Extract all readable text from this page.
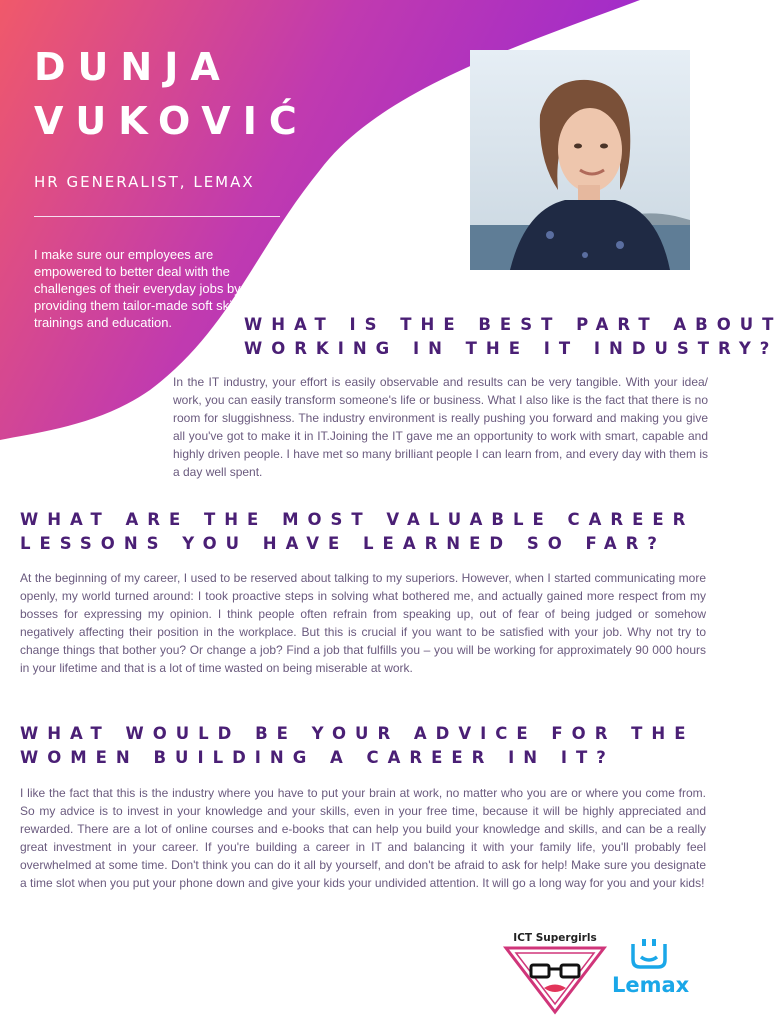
DUNJA
VUKOVIĆ
HR GENERALIST, LEMAX

I make sure our employees are empowered to better deal with the challenges of their everyday jobs by providing them tailor-made soft skills trainings and education.	WHAT IS THE BEST PART ABOUT
WORKING IN THE IT INDUSTRY?

In the IT industry, your effort is easily observable and results can be very tangible. With your idea/ work, you can easily transform someone's life or business. What I also like is the fact that there is no room for sluggishness. The industry environment is really pushing you forward and making you give all you've got to make it in IT.Joining the IT gave me an opportunity to work with smart, capable and highly driven people. I have met so many brilliant people I can learn from, and every day with them is a day well spent.

WHAT ARE THE MOST VALUABLE CAREER
LESSONS YOU HAVE LEARNED SO FAR?

At the beginning of my career, I used to be reserved about talking to my superiors. However, when I started communicating more openly, my world turned around: I took proactive steps in solving what bothered me, and actually gained more respect from my bosses for expressing my opinion. I think people often refrain from speaking up, out of fear of being judged or somehow negatively affecting their position in the workplace. But this is crucial if you want to be satisfied with your job. Why not try to change things that bother you? Or change a job? Find a job that fulfills you – you will be working for approximately 90 000 hours in your lifetime and that is a lot of time wasted on being miserable at work.

WHAT WOULD BE YOUR ADVICE FOR THE
WOMEN BUILDING A CAREER IN IT?

I like the fact that this is the industry where you have to put your brain at work, no matter who you are or where you come from. So my advice is to invest in your knowledge and your skills, even in your free time, because it will be highly appreciated and rewarded. There are a lot of online courses and e-books that can help you build your knowledge and skills, and can be a really great investment in your career. If you're building a career in IT and balancing it with your family life, you'll probably feel overwhelmed at some time. Don't think you can do it all by yourself, and don't be afraid to ask for help! Make sure you designate a time slot when you put your phone down and give your kids your undivided attention. It will go a long way for you and your kids!

ICT Supergirls
Lemax
